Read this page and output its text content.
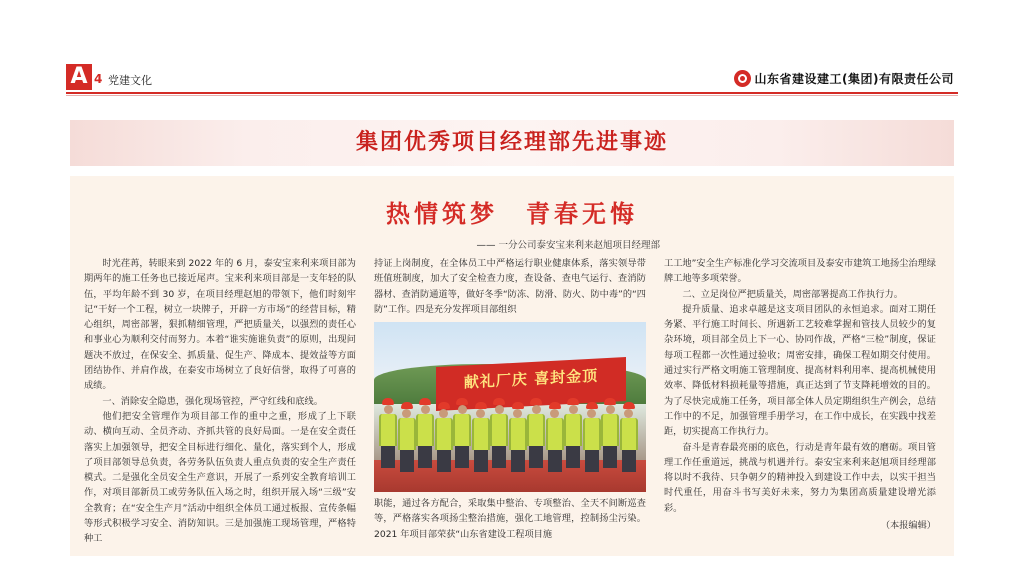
A 4 党建文化	山东省建设建工(集团)有限责任公司
集团优秀项目经理部先进事迹
热情筑梦　青春无悔
—— 一分公司泰安宝来利来赵旭项目经理部

时光荏苒，转眼来到 2022 年的 6 月，泰安宝来利来项目部为期两年的施工任务也已接近尾声。宝来利来项目部是一支年轻的队伍，平均年龄不到 30 岁，在项目经理赵旭的带领下，他们时刻牢记“干好一个工程，树立一块牌子，开辟一方市场”的经营目标，精心组织，周密部署，狠抓精细管理，严把质量关，以强烈的责任心和事业心为顺利交付而努力。本着“谁实施谁负责”的原则，出现问题决不放过，在保安全、抓质量、促生产、降成本、提效益等方面团结协作、并肩作战，在泰安市场树立了良好信誉，取得了可喜的成绩。

一、消除安全隐患，强化现场管控，严守红线和底线。

他们把安全管理作为项目部工作的重中之重，形成了上下联动、横向互动、全员齐动、齐抓共管的良好局面。一是在安全责任落实上加强领导，把安全目标进行细化、量化，落实到个人，形成了项目部领导总负责，各劳务队伍负责人重点负责的安全生产责任模式。二是强化全员安全生产意识，开展了一系列安全教育培训工作，对项目部新员工或劳务队伍入场之时，组织开展入场“三级”安全教育；在“安全生产月”活动中组织全体员工通过板报、宣传条幅等形式积极学习安全、消防知识。三是加强施工现场管理，严格特种工

持证上岗制度，在全体员工中严格运行职业健康体系，落实领导带班值班制度，加大了安全检查力度，查设备、查电气运行、查消防器材、查消防通道等，做好冬季“防冻、防滑、防火、防中毒”的“四防”工作。四是充分发挥项目部组织

献礼厂庆 喜封金顶

职能，通过各方配合，采取集中整治、专项整治、全天不间断巡查等，严格落实各项扬尘整治措施，强化工地管理，控制扬尘污染。2021 年项目部荣获“山东省建设工程项目施

工工地”安全生产标准化学习交流项目及泰安市建筑工地扬尘治理绿牌工地等多项荣誉。

二、立足岗位严把质量关，周密部署提高工作执行力。

提升质量、追求卓越是这支项目团队的永恒追求。面对工期任务紧、平行施工时间长、所遇新工艺较难掌握和管技人员较少的复杂环境，项目部全员上下一心、协同作战，严格“三检”制度，保证每项工程都一次性通过验收；周密安排，确保工程如期交付使用。通过实行严格文明施工管理制度、提高材料利用率、提高机械使用效率、降低材料损耗量等措施，真正达到了节支降耗增效的目的。为了尽快完成施工任务，项目部全体人员定期组织生产例会，总结工作中的不足，加强管理手册学习，在工作中成长，在实践中找差距，切实提高工作执行力。

奋斗是青春最亮丽的底色，行动是青年最有效的磨砺。项目管理工作任重道远，挑战与机遇并行。泰安宝来利来赵旭项目经理部将以时不我待、只争朝夕的精神投入到建设工作中去，以实干担当时代重任，用奋斗书写美好未来，努力为集团高质量建设增光添彩。

（本报编辑）
